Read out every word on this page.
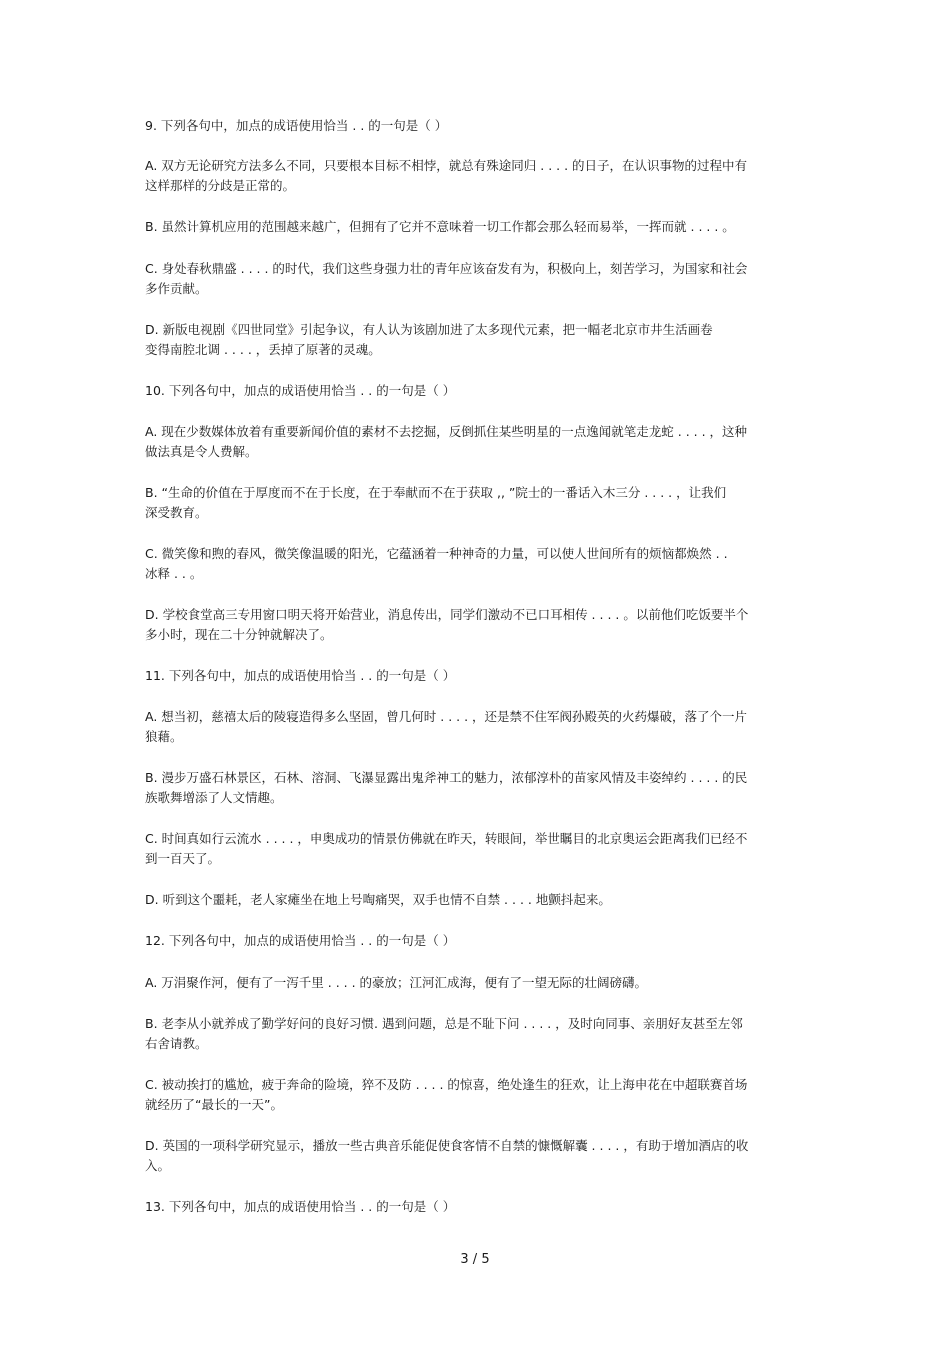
9. 下列各句中，加点的成语使用恰当 . . 的一句是（ ）
A. 双方无论研究方法多么不同，只要根本目标不相悖，就总有殊途同归 . . . . 的日子，在认识事物的过程中有
这样那样的分歧是正常的。
B. 虽然计算机应用的范围越来越广，但拥有了它并不意味着一切工作都会那么轻而易举，一挥而就 . . . . 。
C. 身处春秋鼎盛 . . . . 的时代，我们这些身强力壮的青年应该奋发有为，积极向上，刻苦学习，为国家和社会
多作贡献。
D. 新版电视剧《四世同堂》引起争议，有人认为该剧加进了太多现代元素，把一幅老北京市井生活画卷
变得南腔北调 . . . . ，丢掉了原著的灵魂。
10. 下列各句中，加点的成语使用恰当 . . 的一句是（ ）
A. 现在少数媒体放着有重要新闻价值的素材不去挖掘，反倒抓住某些明星的一点逸闻就笔走龙蛇 . . . . ，这种
做法真是令人费解。
B. “生命的价值在于厚度而不在于长度，在于奉献而不在于获取 ,, ”院士的一番话入木三分 . . . . ，让我们
深受教育。
C. 微笑像和煦的春风，微笑像温暖的阳光，它蕴涵着一种神奇的力量，可以使人世间所有的烦恼都焕然 . .
冰释 . . 。
D. 学校食堂高三专用窗口明天将开始营业，消息传出，同学们激动不已口耳相传 . . . . 。以前他们吃饭要半个
多小时，现在二十分钟就解决了。
11. 下列各句中，加点的成语使用恰当 . . 的一句是（ ）
A. 想当初，慈禧太后的陵寝造得多么坚固，曾几何时 . . . . ，还是禁不住军阀孙殿英的火药爆破，落了个一片
狼藉。
B. 漫步万盛石林景区，石林、溶洞、飞瀑显露出鬼斧神工的魅力，浓郁淳朴的苗家风情及丰姿绰约 . . . . 的民
族歌舞增添了人文情趣。
C. 时间真如行云流水 . . . . ，申奥成功的情景仿佛就在昨天，转眼间，举世瞩目的北京奥运会距离我们已经不
到一百天了。
D. 听到这个噩耗，老人家瘫坐在地上号啕痛哭，双手也情不自禁 . . . . 地颤抖起来。
12. 下列各句中，加点的成语使用恰当 . . 的一句是（ ）
A. 万涓聚作河，便有了一泻千里 . . . . 的豪放；江河汇成海，便有了一望无际的壮阔磅礴。
B. 老李从小就养成了勤学好问的良好习惯. 遇到问题，总是不耻下问 . . . . ，及时向同事、亲朋好友甚至左邻
右舍请教。
C. 被动挨打的尴尬，疲于奔命的险境，猝不及防 . . . . 的惊喜，绝处逢生的狂欢，让上海申花在中超联赛首场
就经历了“最长的一天”。
D. 英国的一项科学研究显示，播放一些古典音乐能促使食客情不自禁的慷慨解囊 . . . . ，有助于增加酒店的收
入。
13. 下列各句中，加点的成语使用恰当 . . 的一句是（ ）
3 / 5
